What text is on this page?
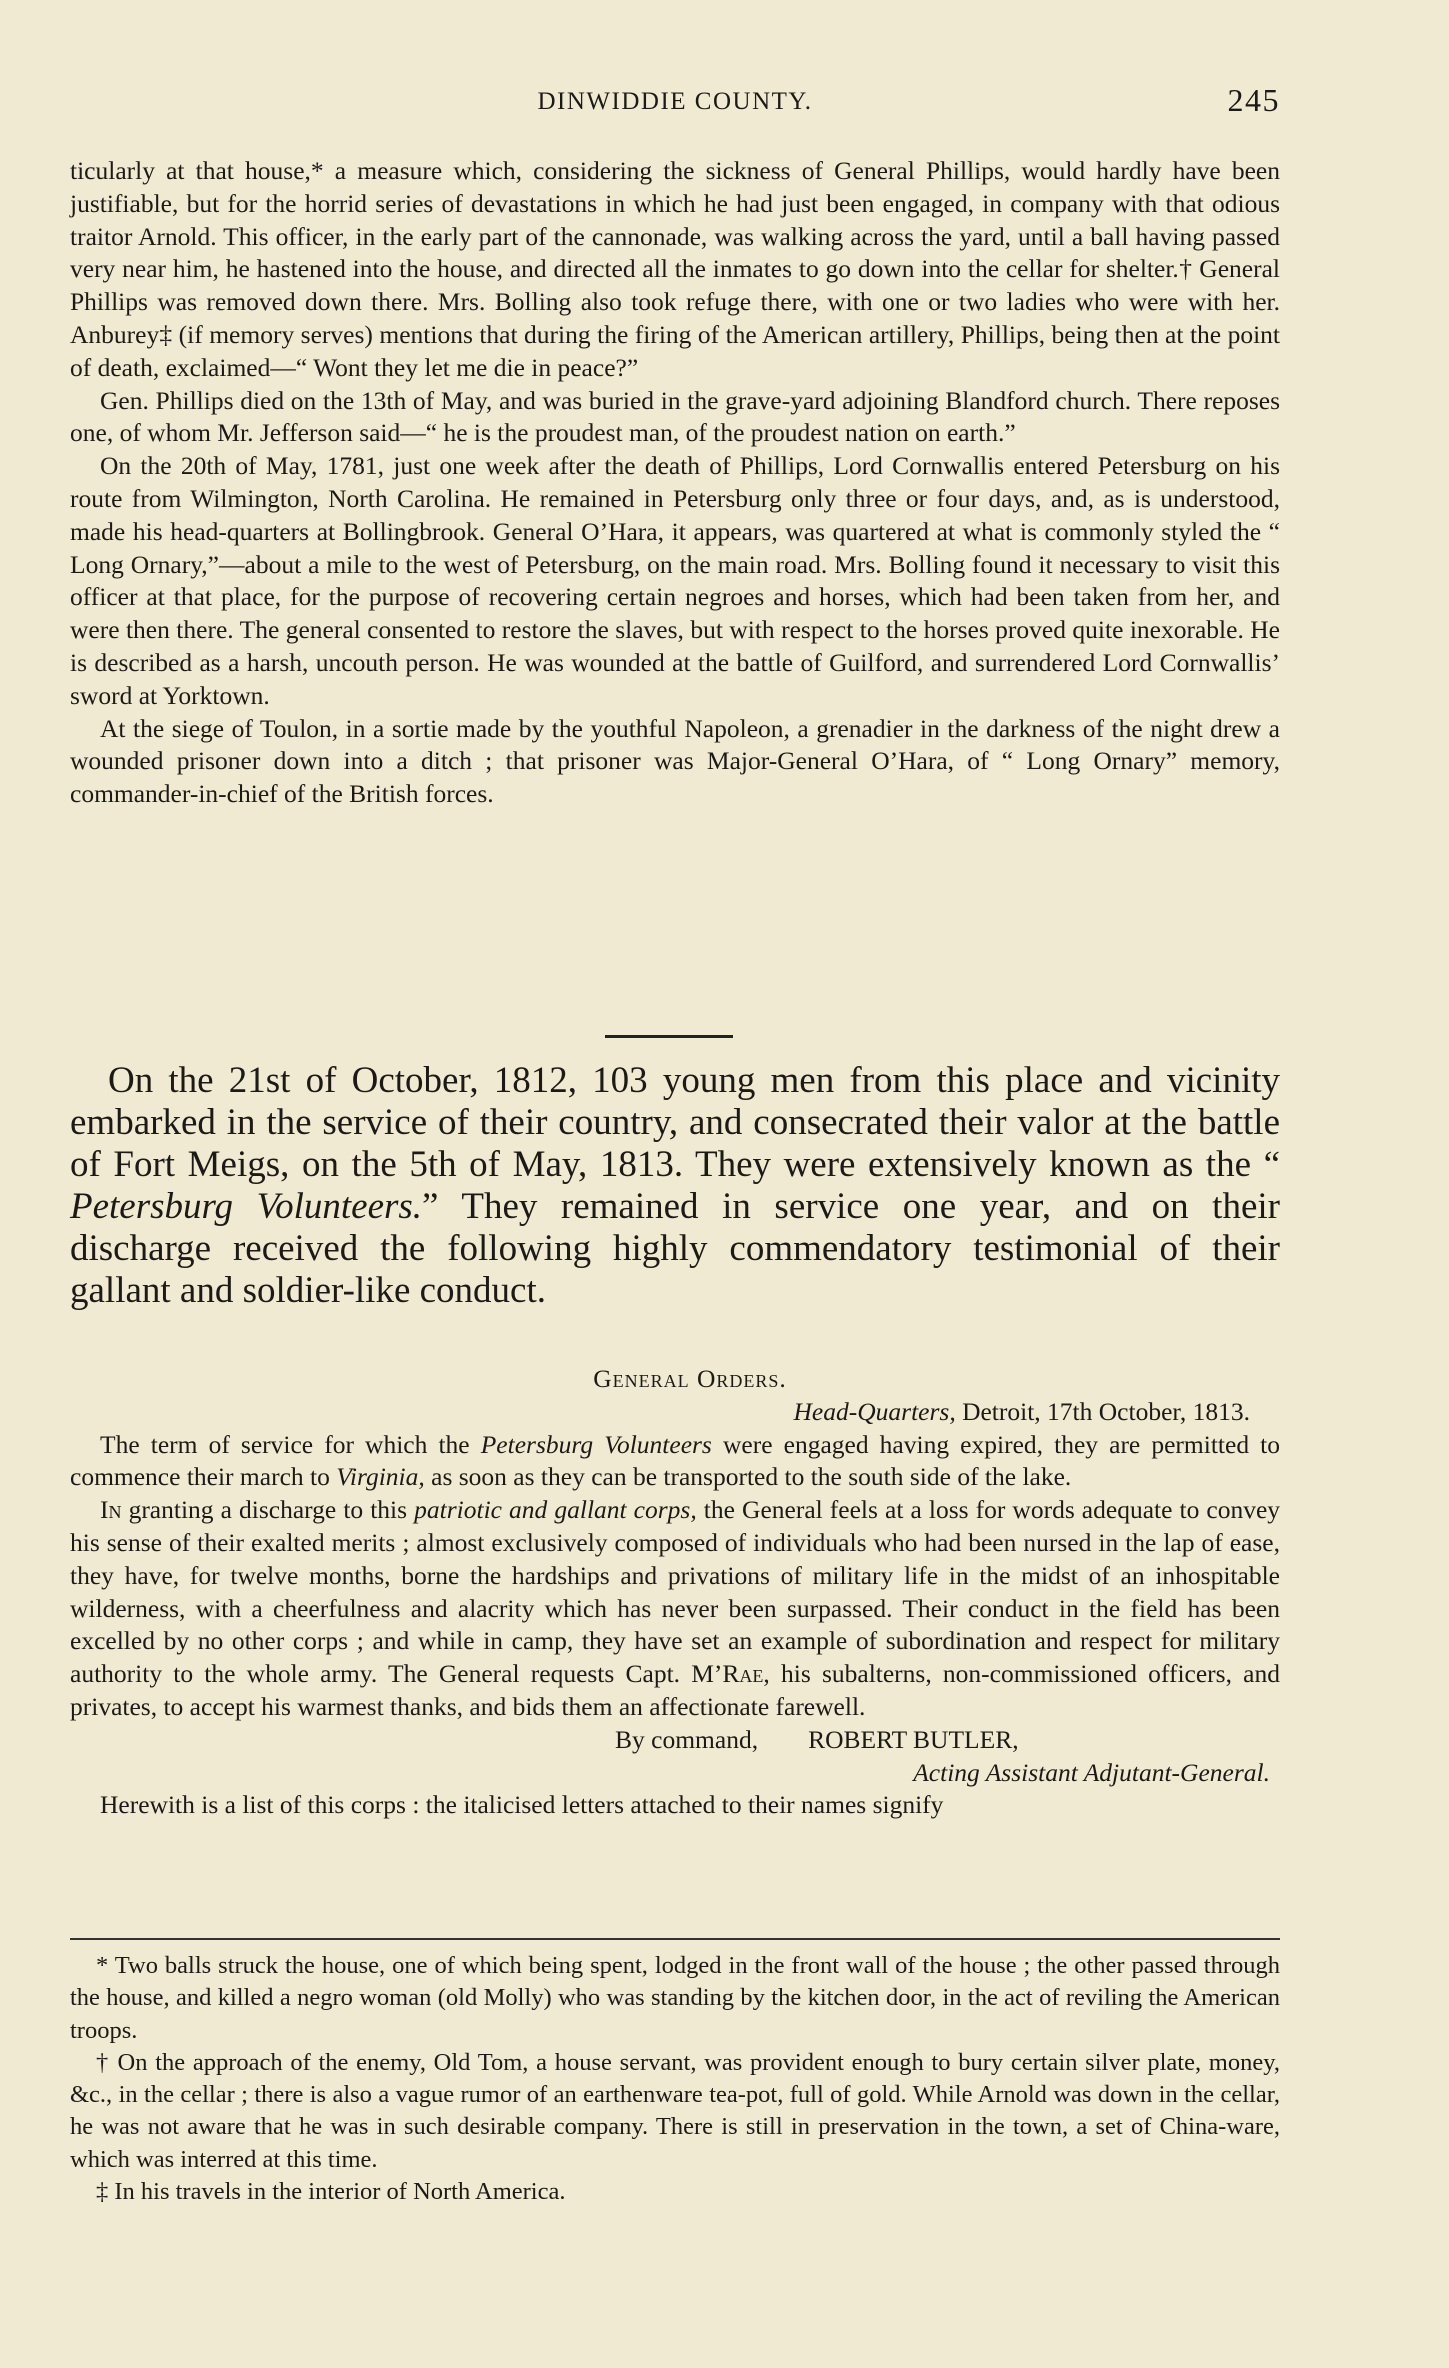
DINWIDDIE COUNTY.	245

ticularly at that house,* a measure which, considering the sickness of General Phillips, would hardly have been justifiable, but for the horrid series of devastations in which he had just been engaged, in company with that odious traitor Arnold. This officer, in the early part of the cannonade, was walking across the yard, until a ball having passed very near him, he hastened into the house, and directed all the inmates to go down into the cellar for shelter.† General Phillips was removed down there. Mrs. Bolling also took refuge there, with one or two ladies who were with her. Anburey‡ (if memory serves) mentions that during the firing of the American artillery, Phillips, being then at the point of death, exclaimed—“ Wont they let me die in peace?”

Gen. Phillips died on the 13th of May, and was buried in the grave-yard adjoining Blandford church. There reposes one, of whom Mr. Jefferson said—“ he is the proudest man, of the proudest nation on earth.”

On the 20th of May, 1781, just one week after the death of Phillips, Lord Cornwallis entered Petersburg on his route from Wilmington, North Carolina. He remained in Petersburg only three or four days, and, as is understood, made his head-quarters at Bollingbrook. General O’Hara, it appears, was quartered at what is commonly styled the “ Long Ornary,”—about a mile to the west of Petersburg, on the main road. Mrs. Bolling found it necessary to visit this officer at that place, for the purpose of recovering certain negroes and horses, which had been taken from her, and were then there. The general consented to restore the slaves, but with respect to the horses proved quite inexorable. He is described as a harsh, uncouth person. He was wounded at the battle of Guilford, and surrendered Lord Cornwallis’ sword at Yorktown.

At the siege of Toulon, in a sortie made by the youthful Napoleon, a grenadier in the darkness of the night drew a wounded prisoner down into a ditch ; that prisoner was Major-General O’Hara, of “ Long Ornary” memory, commander-in-chief of the British forces.

On the 21st of October, 1812, 103 young men from this place and vicinity embarked in the service of their country, and consecrated their valor at the battle of Fort Meigs, on the 5th of May, 1813. They were extensively known as the “ Petersburg Volunteers.” They remained in service one year, and on their discharge received the following highly commendatory testimonial of their gallant and soldier-like conduct.

General Orders.

Head-Quarters, Detroit, 17th October, 1813.

The term of service for which the Petersburg Volunteers were engaged having expired, they are permitted to commence their march to Virginia, as soon as they can be transported to the south side of the lake.

In granting a discharge to this patriotic and gallant corps, the General feels at a loss for words adequate to convey his sense of their exalted merits ; almost exclusively composed of individuals who had been nursed in the lap of ease, they have, for twelve months, borne the hardships and privations of military life in the midst of an inhospitable wilderness, with a cheerfulness and alacrity which has never been surpassed. Their conduct in the field has been excelled by no other corps ; and while in camp, they have set an example of subordination and respect for military authority to the whole army. The General requests Capt. M’Rae, his subalterns, non-commissioned officers, and privates, to accept his warmest thanks, and bids them an affectionate farewell.

By command, ROBERT BUTLER,

Acting Assistant Adjutant-General.

Herewith is a list of this corps : the italicised letters attached to their names signify

* Two balls struck the house, one of which being spent, lodged in the front wall of the house ; the other passed through the house, and killed a negro woman (old Molly) who was standing by the kitchen door, in the act of reviling the American troops.

† On the approach of the enemy, Old Tom, a house servant, was provident enough to bury certain silver plate, money, &c., in the cellar ; there is also a vague rumor of an earthenware tea-pot, full of gold. While Arnold was down in the cellar, he was not aware that he was in such desirable company. There is still in preservation in the town, a set of China-ware, which was interred at this time.

‡ In his travels in the interior of North America.
